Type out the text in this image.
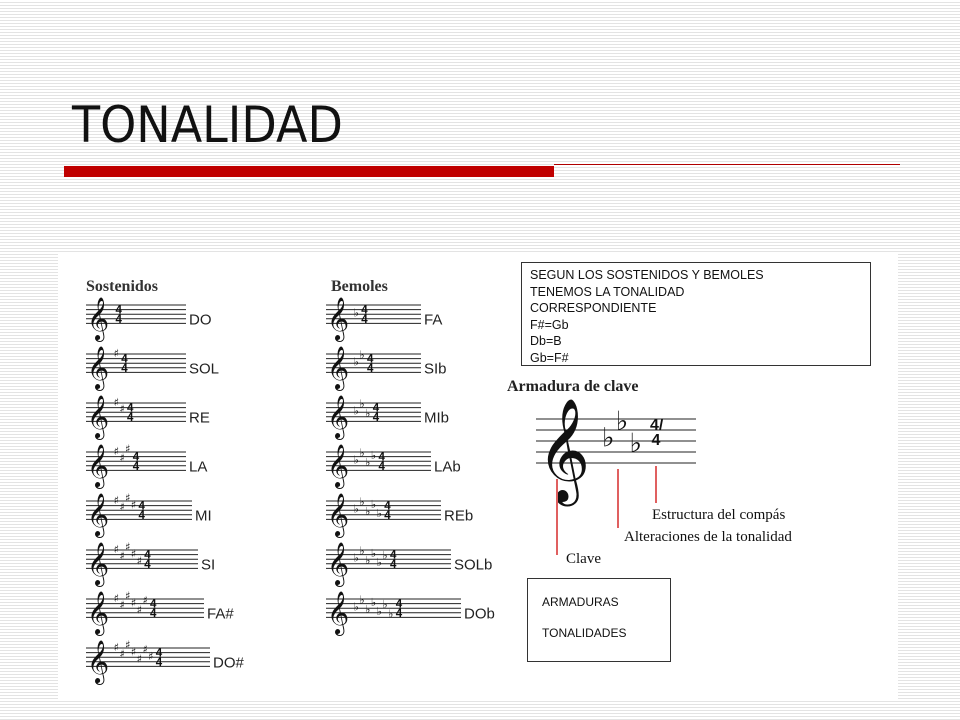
TONALIDAD
Sostenidos	Bemoles
𝄞 4
4	DO
𝄞 ♯ 4
4	SOL
𝄞 ♯
♯ 4
4	RE
𝄞 ♯
♯
♯
4
4	LA
𝄞 ♯
♯
♯
♯ 4
4	MI
𝄞 ♯
♯
♯
♯
♯ 4
4	SI
𝄞 ♯
♯
♯
♯
♯
♯ 4
4	FA#
𝄞 ♯
♯
♯
♯
♯
♯
♯ 4
4	DO#
𝄞 ♭ 4
4	FA
𝄞 ♭
♭ 4
4	SIb
𝄞 ♭
♭
♭ 4
4	MIb
𝄞 ♭
♭
♭
♭ 4
4	LAb
𝄞 ♭
♭
♭
♭
♭
4
4	REb
𝄞 ♭
♭
♭
♭
♭
♭ 4
4	SOLb
𝄞 ♭
♭
♭
♭
♭
♭
♭
4
4	DOb
Armadura de clave
𝄞 ♭
♭
♭
Estructura del compás
Alteraciones de la tonalidad
Clave
4/4
SEGUN LOS SOSTENIDOS Y BEMOLES
TENEMOS LA TONALIDAD
CORRESPONDIENTE
F#=Gb
Db=B
Gb=F#
ARMADURAS
TONALIDADES
